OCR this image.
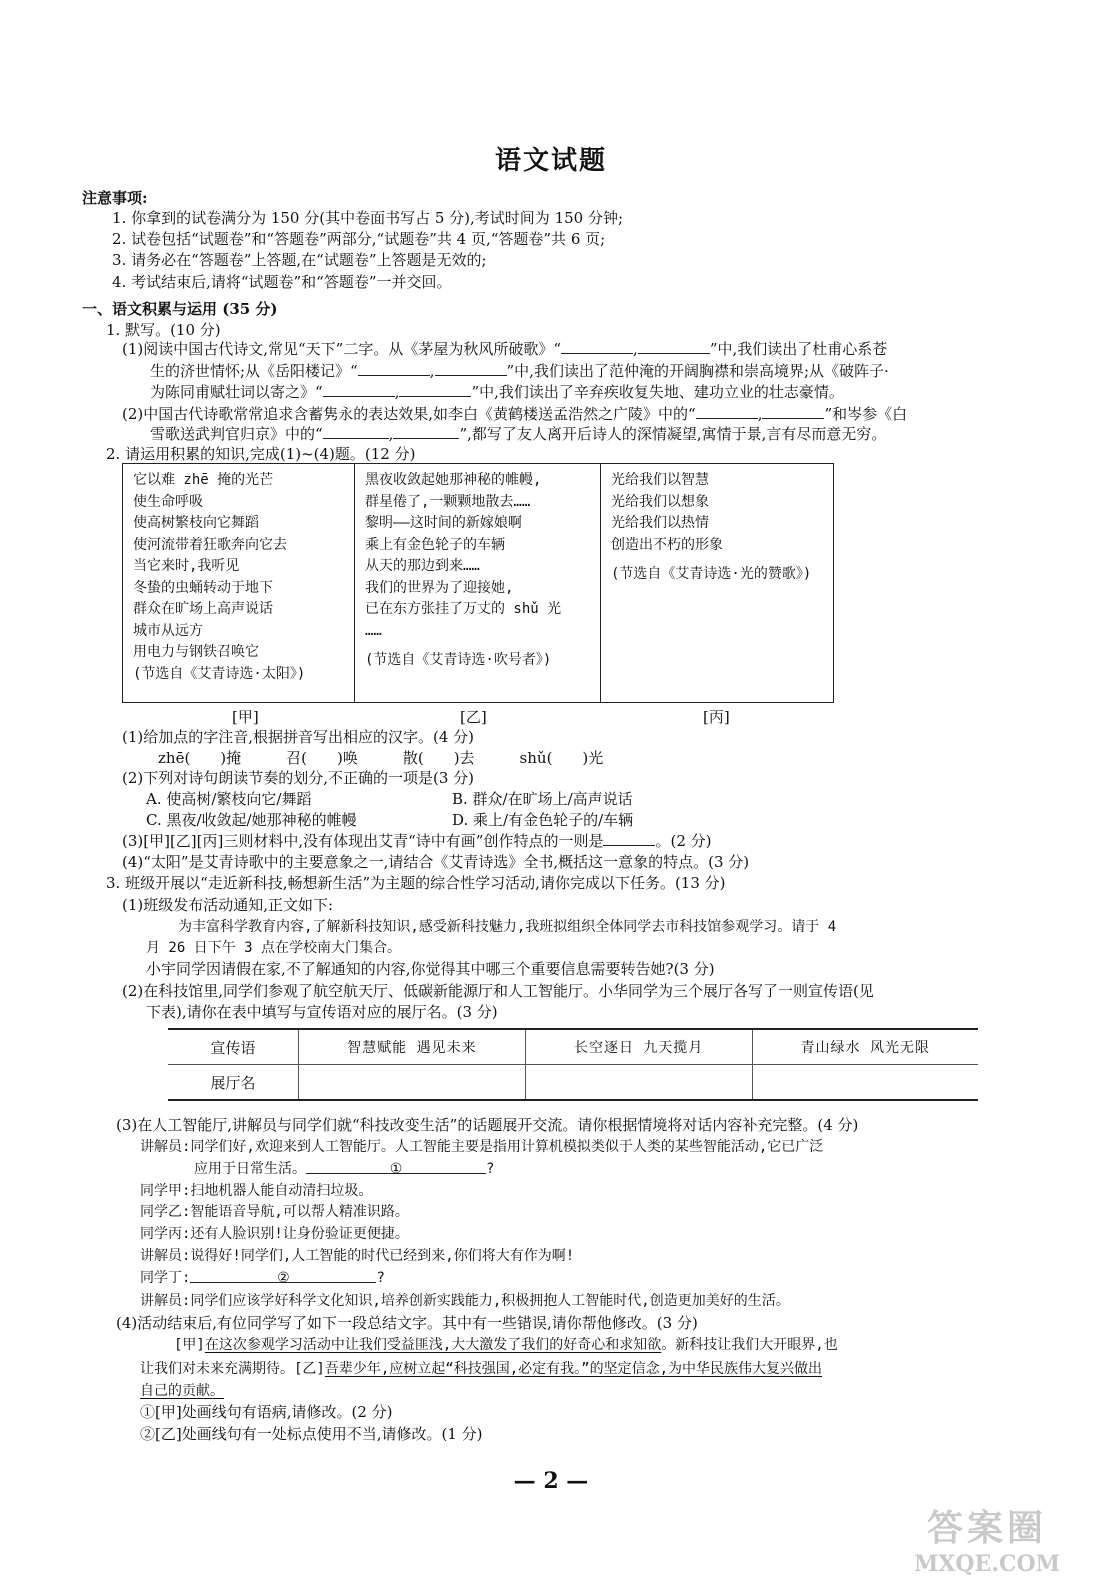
语文试题
注意事项:
1. 你拿到的试卷满分为 150 分(其中卷面书写占 5 分),考试时间为 150 分钟;
2. 试卷包括“试题卷”和“答题卷”两部分,“试题卷”共 4 页,“答题卷”共 6 页;
3. 请务必在“答题卷”上答题,在“试题卷”上答题是无效的;
4. 考试结束后,请将“试题卷”和“答题卷”一并交回。
一、语文积累与运用 (35 分)
1. 默写。(10 分)
(1)阅读中国古代诗文,常见“天下”二字。从《茅屋为秋风所破歌》“	,	”中,我们读出了杜甫心系苍
生的济世情怀;从《岳阳楼记》“	,	”中,我们读出了范仲淹的开阔胸襟和崇高境界;从《破阵子·
为陈同甫赋壮词以寄之》“	,	”中,我们读出了辛弃疾收复失地、建功立业的壮志豪情。
(2)中国古代诗歌常常追求含蓄隽永的表达效果,如李白《黄鹤楼送孟浩然之广陵》中的“	,	”和岑参《白
雪歌送武判官归京》中的“	,	”,都写了友人离开后诗人的深情凝望,寓情于景,言有尽而意无穷。
2. 请运用积累的知识,完成(1)~(4)题。(12 分)
它以难 zhē 掩的光芒
使生命呼吸
使高树繁枝向它舞蹈
使河流带着狂歌奔向它去
当它来时,我听见
冬蛰的虫蛹转动于地下
群众在旷场上高声说话
城市从远方
用电力与钢铁召唤它
(节选自《艾青诗选·太阳》)
黑夜收敛起她那神秘的帷幔,
群星倦了,一颗颗地散去……
黎明——这时间的新嫁娘啊
乘上有金色轮子的车辆
从天的那边到来……
我们的世界为了迎接她,
已在东方张挂了万丈的 shǔ 光
……
(节选自《艾青诗选·吹号者》)
光给我们以智慧
光给我们以想象
光给我们以热情
创造出不朽的形象
(节选自《艾青诗选·光的赞歌》)
[甲]	[乙]	[丙]
(1)给加点的字注音,根据拼音写出相应的汉字。(4 分)
zhē(　　)掩　　　召(　　)唤　　　散(　　)去　　　shǔ(　　)光
(2)下列对诗句朗读节奏的划分,不正确的一项是(3 分)
A. 使高树/繁枝向它/舞蹈	B. 群众/在旷场上/高声说话
C. 黑夜/收敛起/她那神秘的帷幔	D. 乘上/有金色轮子的/车辆
(3)[甲][乙][丙]三则材料中,没有体现出艾青“诗中有画”创作特点的一则是	。(2 分)
(4)“太阳”是艾青诗歌中的主要意象之一,请结合《艾青诗选》全书,概括这一意象的特点。(3 分)
3. 班级开展以“走近新科技,畅想新生活”为主题的综合性学习活动,请你完成以下任务。(13 分)
(1)班级发布活动通知,正文如下:
为丰富科学教育内容,了解新科技知识,感受新科技魅力,我班拟组织全体同学去市科技馆参观学习。请于 4
月 26 日下午 3 点在学校南大门集合。
小宇同学因请假在家,不了解通知的内容,你觉得其中哪三个重要信息需要转告她?(3 分)
(2)在科技馆里,同学们参观了航空航天厅、低碳新能源厅和人工智能厅。小华同学为三个展厅各写了一则宣传语(见
下表),请你在表中填写与宣传语对应的展厅名。(3 分)
宣传语	智慧赋能 遇见未来	长空逐日 九天揽月	青山绿水 风光无限
展厅名			
(3)在人工智能厅,讲解员与同学们就“科技改变生活”的话题展开交流。请你根据情境将对话内容补充完整。(4 分)
讲解员:同学们好,欢迎来到人工智能厅。人工智能主要是指用计算机模拟类似于人类的某些智能活动,它已广泛
应用于日常生活。	①	?
同学甲:扫地机器人能自动清扫垃圾。
同学乙:智能语音导航,可以帮人精准识路。
同学丙:还有人脸识别!让身份验证更便捷。
讲解员:说得好!同学们,人工智能的时代已经到来,你们将大有作为啊!
同学丁:	②	?
讲解员:同学们应该学好科学文化知识,培养创新实践能力,积极拥抱人工智能时代,创造更加美好的生活。
(4)活动结束后,有位同学写了如下一段总结文字。其中有一些错误,请你帮他修改。(3 分)
[甲]在这次参观学习活动中让我们受益匪浅,大大激发了我们的好奇心和求知欲。新科技让我们大开眼界,也
让我们对未来充满期待。[乙]吾辈少年,应树立起“科技强国,必定有我。”的坚定信念,为中华民族伟大复兴做出
自己的贡献。
①[甲]处画线句有语病,请修改。(2 分)
②[乙]处画线句有一处标点使用不当,请修改。(1 分)
— 2 —
答案圈
MXQE.COM
